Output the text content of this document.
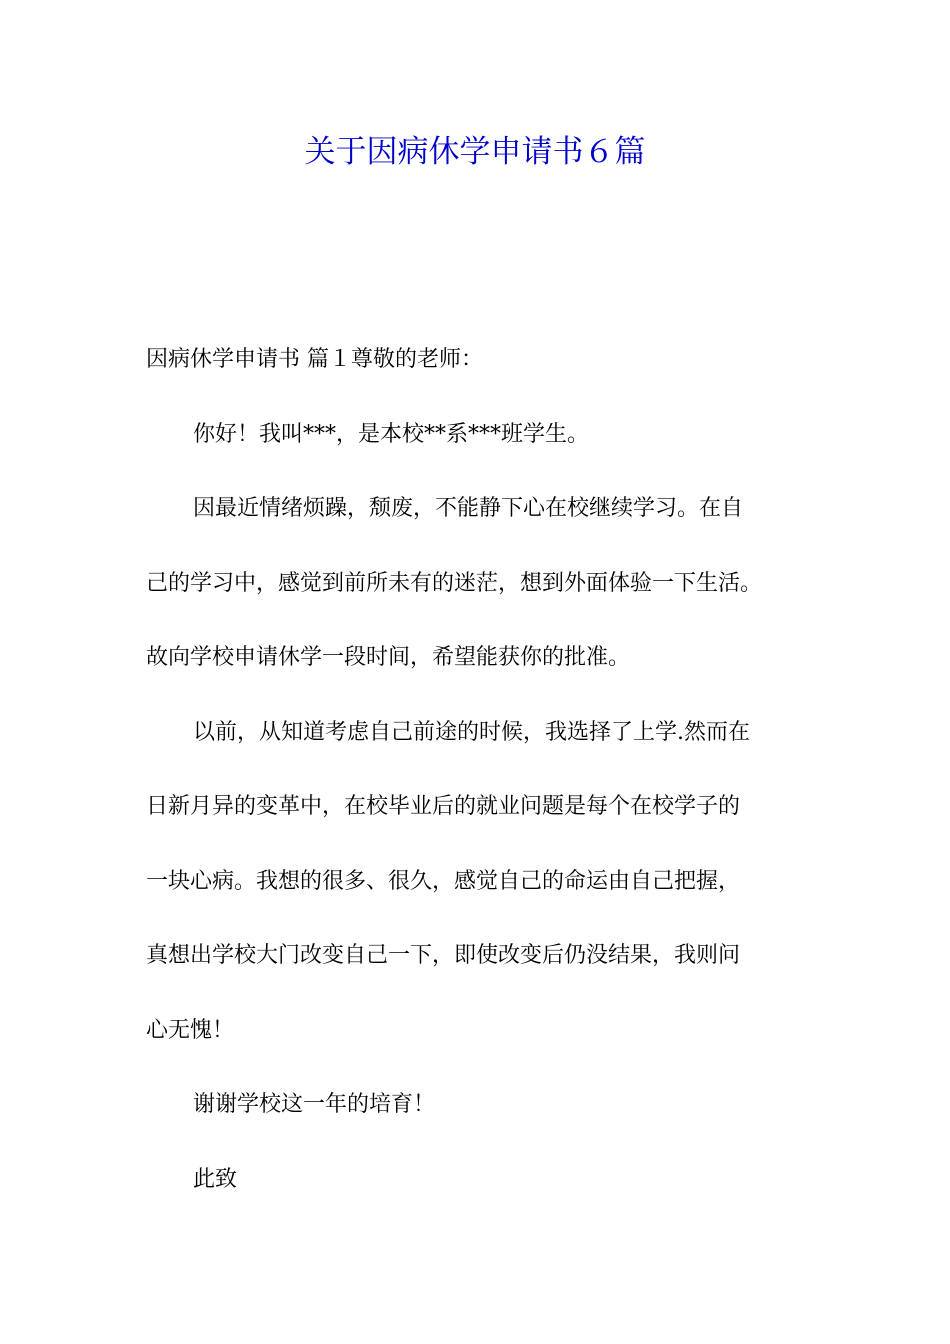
关于因病休学申请书６篇
因病休学申请书 篇１尊敬的老师：
你好！我叫***，是本校**系***班学生。
因最近情绪烦躁，颓废，不能静下心在校继续学习。在自
己的学习中，感觉到前所未有的迷茫，想到外面体验一下生活。
故向学校申请休学一段时间，希望能获你的批准。
以前，从知道考虑自己前途的时候，我选择了上学.然而在
日新月异的变革中，在校毕业后的就业问题是每个在校学子的
一块心病。我想的很多、很久，感觉自己的命运由自己把握，
真想出学校大门改变自己一下，即使改变后仍没结果，我则问
心无愧！
谢谢学校这一年的培育！
此致
